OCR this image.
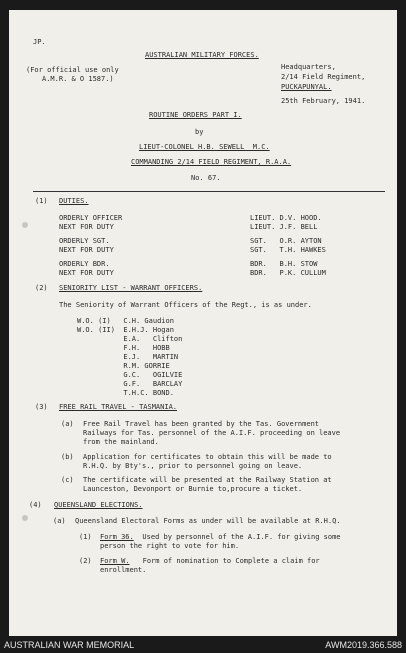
JP.
AUSTRALIAN MILITARY FORCES.
(For official use only
A.M.R. & O 1587.)
Headquarters,
2/14 Field Regiment,
PUCKAPUNYAL.
25th February, 1941.
ROUTINE ORDERS PART I.
by
LIEUT-COLONEL H.B. SEWELL  M.C.
COMMANDING 2/14 FIELD REGIMENT, R.A.A.
No. 67.
(1) DUTIES.
ORDERLY OFFICER	LIEUT. D.V. HOOD.
NEXT FOR DUTY	LIEUT. J.F. BELL
ORDERLY SGT.	SGT.   O.R. AYTON
NEXT FOR DUTY	SGT.   T.H. HAWKES
ORDERLY BDR.	BDR.   B.H. STOW
NEXT FOR DUTY	BDR.   P.K. CULLUM
(2) SENIORITY LIST - WARRANT OFFICERS.
The Seniority of Warrant Officers of the Regt., is as under.
W.O. (I)   C.H. Gaudion
W.O. (II)  E.H.J. Hogan
E.A.   Clifton
F.H.   HOBB
E.J.   MARTIN
R.M. GORRIE
G.C.   OGILVIE
G.F.   BARCLAY
T.H.C. BOND.
(3) FREE RAIL TRAVEL - TASMANIA.
(a) Free Rail Travel has been granted by the Tas. Government
Railways for Tas. personnel of the A.I.F. proceeding on leave
from the mainland.
(b) Application for certificates to obtain this will be made to
R.H.Q. by Bty's., prior to personnel going on leave.
(c) The certificate will be presented at the Railway Station at
Launceston, Devonport or Burnie to,procure a ticket.
(4) QUEENSLAND ELECTIONS.
(a) Queensland Electoral Forms as under will be available at R.H.Q.
(1) Form 36. Used by personnel of the A.I.F. for giving some
person the right to vote for him.
(2) Form W. Form of nomination to Complete a claim for
enrollment.
AUSTRALIAN WAR MEMORIAL	AWM2019.366.588
